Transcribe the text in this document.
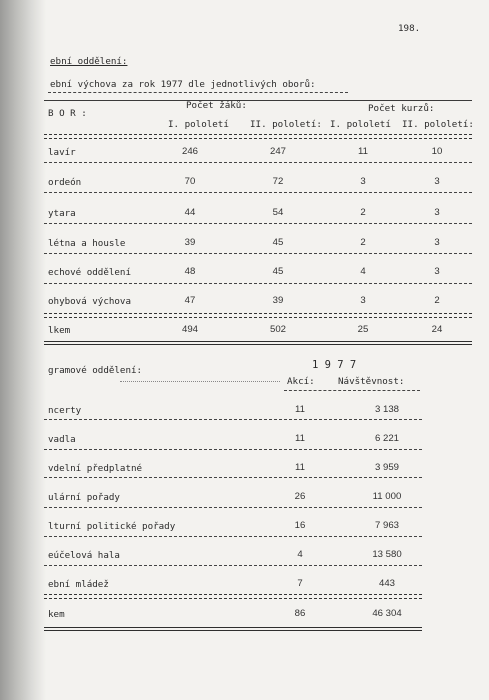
198.
ební oddělení:
ební výchova za rok 1977 dle jednotlivých oborů:
B O R :
Počet žáků:	Počet kurzů:
I. pololetí II. pololetí: I. pololetí II. pololetí:
lavír	246	247	11	10
ordeón	70	72	3	3
ytara	44	54	2	3
létna a housle	39	45	2	3
echové oddělení	48	45	4	3
ohybová výchova	47	39	3	2
lkem	494	502	25	24
gramové oddělení:	1 9 7 7
Akcí:	Návštěvnost:
ncerty	11	3 138
vadla	11	6 221
vdelní předplatné	11	3 959
ulární pořady	26	11 000
lturní politické pořady	16	7 963
eúčelová hala	4	13 580
ební mládež	7	443
kem	86	46 304
